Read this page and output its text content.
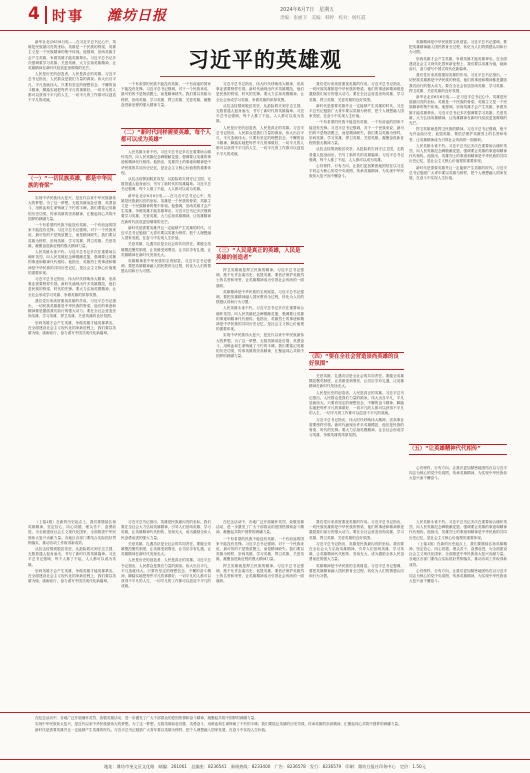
4 时事 潍坊日报	2024年6月7日　星期五
责编：张丽卫　美编：韩婷　校对：杨红霞
习近平的英雄观

新华社北京6月6日电……在习近平总书记心中，英雄是民族最闪亮的坐标。英雄是一个民族的脊梁，英雄主义是一个民族精神的集中体现。他强调，崇尚英雄才会产生英雄，争做英雄才能英雄辈出。习近平总书记多次强调要学习英雄、关爱英雄，大力弘扬英雄精神，让英雄精神在新时代绽放更加璀璨的光芒。

人民是历史的创造者，人民是真正的英雄。习近平总书记指出，人民群众是我们力量的源泉。伟大出自平凡，平凡造就伟大。只要有坚定的理想信念、不懈的奋斗精神，脚踏实地把每件平凡的事做好，一切平凡的人都可以获得不平凡的人生，一切平凡的工作都可以创造不平凡的成就。

（一）“一切民族英雄，都是中华民族的脊梁”

实现中华民族伟大复兴，是近代以来中华民族最伟大的梦想。为了这一梦想，无数英雄前赴后继、英勇奋斗，用鲜血和生命铸就了不朽的丰碑。我们要铭记英雄的历史功绩，传承英雄的崇高精神，汇聚起同心共筑中国梦的磅礴力量。

一个有希望的民族不能没有英雄，一个有前途的国家不能没有先锋。习近平总书记强调，对于一个民族来说，最可怕的不是物质匮乏，而是精神缺失。我们要以英雄为榜样，崇尚英雄、学习英雄、捍卫英雄、关爱英雄，凝聚奋进新征程的强大精神力量。

人民英雄永垂不朽。习近平总书记多次在重要场合缅怀英烈，向人民英雄纪念碑敬献花篮，强调要让英雄的事迹和精神代代相传。他指出，英雄烈士的事迹和精神是中华民族的共同历史记忆，是社会主义核心价值观的重要体现。

习近平总书记指出，伟大时代呼唤伟大精神，崇高事业需要榜样引领。新时代涌现出许多英雄模范，他们是民族的脊梁、时代的先锋。要大力弘扬英模精神，让全社会形成学习英雄、争做英雄的浓厚氛围。

我们党历来高度重视英雄的作用。习近平总书记指出，一切民族英雄都是中华民族的脊梁，他们的事迹和精神都是激励我们前行的强大动力。要在全社会营造崇尚英雄、学习英雄、捍卫英雄、关爱英雄的良好氛围。

崇尚英雄才会产生英雄，争做英雄才能英雄辈出。在全面建设社会主义现代化国家新征程上，我们要以英雄为镜，砥砺前行，奋力谱写中国式现代化新篇章。

一个有希望的民族不能没有英雄，一个有前途的国家不能没有先锋。习近平总书记强调，对于一个民族来说，最可怕的不是物质匮乏，而是精神缺失。我们要以英雄为榜样，崇尚英雄、学习英雄、捍卫英雄、关爱英雄，凝聚奋进新征程的强大精神力量。

（二）“新时代同样需要英雄，每个人都可以成为英雄”

人民英雄永垂不朽。习近平总书记多次在重要场合缅怀英烈，向人民英雄纪念碑敬献花篮，强调要让英雄的事迹和精神代代相传。他指出，英雄烈士的事迹和精神是中华民族的共同历史记忆，是社会主义核心价值观的重要体现。

从抗击疫情到脱贫攻坚，从抢险救灾到守边卫国，无数普通人挺身而出，书写了新时代的英雄篇章。习近平总书记强调，每个人都了不起，人人都可以成为英雄。

新华社北京6月6日电……在习近平总书记心中，英雄是民族最闪亮的坐标。英雄是一个民族的脊梁，英雄主义是一个民族精神的集中体现。他强调，崇尚英雄才会产生英雄，争做英雄才能英雄辈出。习近平总书记多次强调要学习英雄、关爱英雄，大力弘扬英雄精神，让英雄精神在新时代绽放更加璀璨的光芒。

新时代是需要英雄并且一定能够产生英雄的时代。习近平总书记勉励广大青年要以英雄为榜样，把个人理想融入国家发展，在奋斗中实现人生价值。

关爱英雄、礼遇功臣是全社会的共同责任。要健全英雄模范褒奖制度，让英雄受到尊崇，让功臣享有礼遇，让英雄精神在新时代发扬光大。

英雄精神是中华民族的宝贵财富。习近平总书记强调，要把英雄精神融入国民教育全过程，转化为人们的情感认同和行为习惯。

习近平总书记指出，伟大时代呼唤伟大精神，崇高事业需要榜样引领。新时代涌现出许多英雄模范，他们是民族的脊梁、时代的先锋。要大力弘扬英模精神，让全社会形成学习英雄、争做英雄的浓厚氛围。

从抗击疫情到脱贫攻坚，从抢险救灾到守边卫国，无数普通人挺身而出，书写了新时代的英雄篇章。习近平总书记强调，每个人都了不起，人人都可以成为英雄。

人民是历史的创造者，人民是真正的英雄。习近平总书记指出，人民群众是我们力量的源泉。伟大出自平凡，平凡造就伟大。只要有坚定的理想信念、不懈的奋斗精神，脚踏实地把每件平凡的事做好，一切平凡的人都可以获得不平凡的人生，一切平凡的工作都可以创造不平凡的成就。

（三）“人民是真正的英雄，人民是英雄的创造者”

捍卫英雄就是捍卫民族的精神。习近平总书记强调，绝不允许歪曲历史、诋毁英雄，要依法保护英雄烈士的名誉和荣誉，让英雄精神成为引领社会风尚的一面旗帜。

英雄精神是中华民族的宝贵财富。习近平总书记强调，要把英雄精神融入国民教育全过程，转化为人们的情感认同和行为习惯。

人民英雄永垂不朽。习近平总书记多次在重要场合缅怀英烈，向人民英雄纪念碑敬献花篮，强调要让英雄的事迹和精神代代相传。他指出，英雄烈士的事迹和精神是中华民族的共同历史记忆，是社会主义核心价值观的重要体现。

实现中华民族伟大复兴，是近代以来中华民族最伟大的梦想。为了这一梦想，无数英雄前赴后继、英勇奋斗，用鲜血和生命铸就了不朽的丰碑。我们要铭记英雄的历史功绩，传承英雄的崇高精神，汇聚起同心共筑中国梦的磅礴力量。

我们党历来高度重视英雄的作用。习近平总书记指出，一切民族英雄都是中华民族的脊梁，他们的事迹和精神都是激励我们前行的强大动力。要在全社会营造崇尚英雄、学习英雄、捍卫英雄、关爱英雄的良好氛围。

新时代是需要英雄并且一定能够产生英雄的时代。习近平总书记勉励广大青年要以英雄为榜样，把个人理想融入国家发展，在奋斗中实现人生价值。

一个有希望的民族不能没有英雄，一个有前途的国家不能没有先锋。习近平总书记强调，对于一个民族来说，最可怕的不是物质匮乏，而是精神缺失。我们要以英雄为榜样，崇尚英雄、学习英雄、捍卫英雄、关爱英雄，凝聚奋进新征程的强大精神力量。

从抗击疫情到脱贫攻坚，从抢险救灾到守边卫国，无数普通人挺身而出，书写了新时代的英雄篇章。习近平总书记强调，每个人都了不起，人人都可以成为英雄。

心有榜样，行有方向。让我们更加紧密地团结在以习近平同志为核心的党中央周围，传承英雄精神，为实现中华民族伟大复兴而不懈奋斗。

（四）“要在全社会营造崇尚英雄的良好氛围”

关爱英雄、礼遇功臣是全社会的共同责任。要健全英雄模范褒奖制度，让英雄受到尊崇，让功臣享有礼遇，让英雄精神在新时代发扬光大。

人民是历史的创造者，人民是真正的英雄。习近平总书记指出，人民群众是我们力量的源泉。伟大出自平凡，平凡造就伟大。只要有坚定的理想信念、不懈的奋斗精神，脚踏实地把每件平凡的事做好，一切平凡的人都可以获得不平凡的人生，一切平凡的工作都可以创造不平凡的成就。

习近平总书记指出，伟大时代呼唤伟大精神，崇高事业需要榜样引领。新时代涌现出许多英雄模范，他们是民族的脊梁、时代的先锋。要大力弘扬英模精神，让全社会形成学习英雄、争做英雄的浓厚氛围。

英雄精神是中华民族的宝贵财富。习近平总书记强调，要把英雄精神融入国民教育全过程，转化为人们的情感认同和行为习惯。

崇尚英雄才会产生英雄，争做英雄才能英雄辈出。在全面建设社会主义现代化国家新征程上，我们要以英雄为镜，砥砺前行，奋力谱写中国式现代化新篇章。

我们党历来高度重视英雄的作用。习近平总书记指出，一切民族英雄都是中华民族的脊梁，他们的事迹和精神都是激励我们前行的强大动力。要在全社会营造崇尚英雄、学习英雄、捍卫英雄、关爱英雄的良好氛围。

新华社北京6月6日电……在习近平总书记心中，英雄是民族最闪亮的坐标。英雄是一个民族的脊梁，英雄主义是一个民族精神的集中体现。他强调，崇尚英雄才会产生英雄，争做英雄才能英雄辈出。习近平总书记多次强调要学习英雄、关爱英雄，大力弘扬英雄精神，让英雄精神在新时代绽放更加璀璨的光芒。

捍卫英雄就是捍卫民族的精神。习近平总书记强调，绝不允许歪曲历史、诋毁英雄，要依法保护英雄烈士的名誉和荣誉，让英雄精神成为引领社会风尚的一面旗帜。

人民英雄永垂不朽。习近平总书记多次在重要场合缅怀英烈，向人民英雄纪念碑敬献花篮，强调要让英雄的事迹和精神代代相传。他指出，英雄烈士的事迹和精神是中华民族的共同历史记忆，是社会主义核心价值观的重要体现。

新时代是需要英雄并且一定能够产生英雄的时代。习近平总书记勉励广大青年要以英雄为榜样，把个人理想融入国家发展，在奋斗中实现人生价值。

（五）“让英雄精神代代相传”

心有榜样，行有方向。让我们更加紧密地团结在以习近平同志为核心的党中央周围，传承英雄精神，为实现中华民族伟大复兴而不懈奋斗。

（上接1版）在新的历史起点上，我们要继续弘扬英雄精神，坚定信心、同心同德，埋头苦干、奋勇前进，为全面建设社会主义现代化国家、全面推进中华民族伟大复兴贡献力量。各地区各部门要结合实际抓好贯彻落实，推动各项工作取得新成效。

从抗击疫情到脱贫攻坚，从抢险救灾到守边卫国，无数普通人挺身而出，书写了新时代的英雄篇章。习近平总书记强调，每个人都了不起，人人都可以成为英雄。

崇尚英雄才会产生英雄，争做英雄才能英雄辈出。在全面建设社会主义现代化国家新征程上，我们要以英雄为镜，砥砺前行，奋力谱写中国式现代化新篇章。

习近平总书记指出，英雄是民族最闪亮的坐标。我们要在全社会大力弘扬英雄精神，引导人们崇尚英雄、学习英雄，让英雄精神代代相传、发扬光大，成为激励全体人民奋勇前进的强大力量。

关爱英雄、礼遇功臣是全社会的共同责任。要健全英雄模范褒奖制度，让英雄受到尊崇，让功臣享有礼遇，让英雄精神在新时代发扬光大。

人民是历史的创造者，人民是真正的英雄。习近平总书记指出，人民群众是我们力量的源泉。伟大出自平凡，平凡造就伟大。只要有坚定的理想信念、不懈的奋斗精神，脚踏实地把每件平凡的事做好，一切平凡的人都可以获得不平凡的人生，一切平凡的工作都可以创造不平凡的成就。

在纪念活动中，各地广泛开展缅怀英烈、致敬英雄活动，进一步激发了广大干部群众的爱国热情和奋斗精神，凝聚起共筑中国梦的磅礴力量。

一个有希望的民族不能没有英雄，一个有前途的国家不能没有先锋。习近平总书记强调，对于一个民族来说，最可怕的不是物质匮乏，而是精神缺失。我们要以英雄为榜样，崇尚英雄、学习英雄、捍卫英雄、关爱英雄，凝聚奋进新征程的强大精神力量。

捍卫英雄就是捍卫民族的精神。习近平总书记强调，绝不允许歪曲历史、诋毁英雄，要依法保护英雄烈士的名誉和荣誉，让英雄精神成为引领社会风尚的一面旗帜。

我们党历来高度重视英雄的作用。习近平总书记指出，一切民族英雄都是中华民族的脊梁，他们的事迹和精神都是激励我们前行的强大动力。要在全社会营造崇尚英雄、学习英雄、捍卫英雄、关爱英雄的良好氛围。

习近平总书记指出，英雄是民族最闪亮的坐标。我们要在全社会大力弘扬英雄精神，引导人们崇尚英雄、学习英雄，让英雄精神代代相传、发扬光大，成为激励全体人民奋勇前进的强大力量。

英雄精神是中华民族的宝贵财富。习近平总书记强调，要把英雄精神融入国民教育全过程，转化为人们的情感认同和行为习惯。

人民英雄永垂不朽。习近平总书记多次在重要场合缅怀英烈，向人民英雄纪念碑敬献花篮，强调要让英雄的事迹和精神代代相传。他指出，英雄烈士的事迹和精神是中华民族的共同历史记忆，是社会主义核心价值观的重要体现。

（上接1版）在新的历史起点上，我们要继续弘扬英雄精神，坚定信心、同心同德，埋头苦干、奋勇前进，为全面建设社会主义现代化国家、全面推进中华民族伟大复兴贡献力量。各地区各部门要结合实际抓好贯彻落实，推动各项工作取得新成效。

心有榜样，行有方向。让我们更加紧密地团结在以习近平同志为核心的党中央周围，传承英雄精神，为实现中华民族伟大复兴而不懈奋斗。

在纪念活动中，各地广泛开展缅怀英烈、致敬英雄活动，进一步激发了广大干部群众的爱国热情和奋斗精神，凝聚起共筑中国梦的磅礴力量。

实现中华民族伟大复兴，是近代以来中华民族最伟大的梦想。为了这一梦想，无数英雄前赴后继、英勇奋斗，用鲜血和生命铸就了不朽的丰碑。我们要铭记英雄的历史功绩，传承英雄的崇高精神，汇聚起同心共筑中国梦的磅礴力量。

新时代是需要英雄并且一定能够产生英雄的时代。习近平总书记勉励广大青年要以英雄为榜样，把个人理想融入国家发展，在奋斗中实现人生价值。

地址：潍坊市奎文区文化路　邮编：261061　总编室：8236541　新闻热线：8233400　广告：8236578　发行：8236579　印刷：潍坊日报社印务中心　定价：1.50元
